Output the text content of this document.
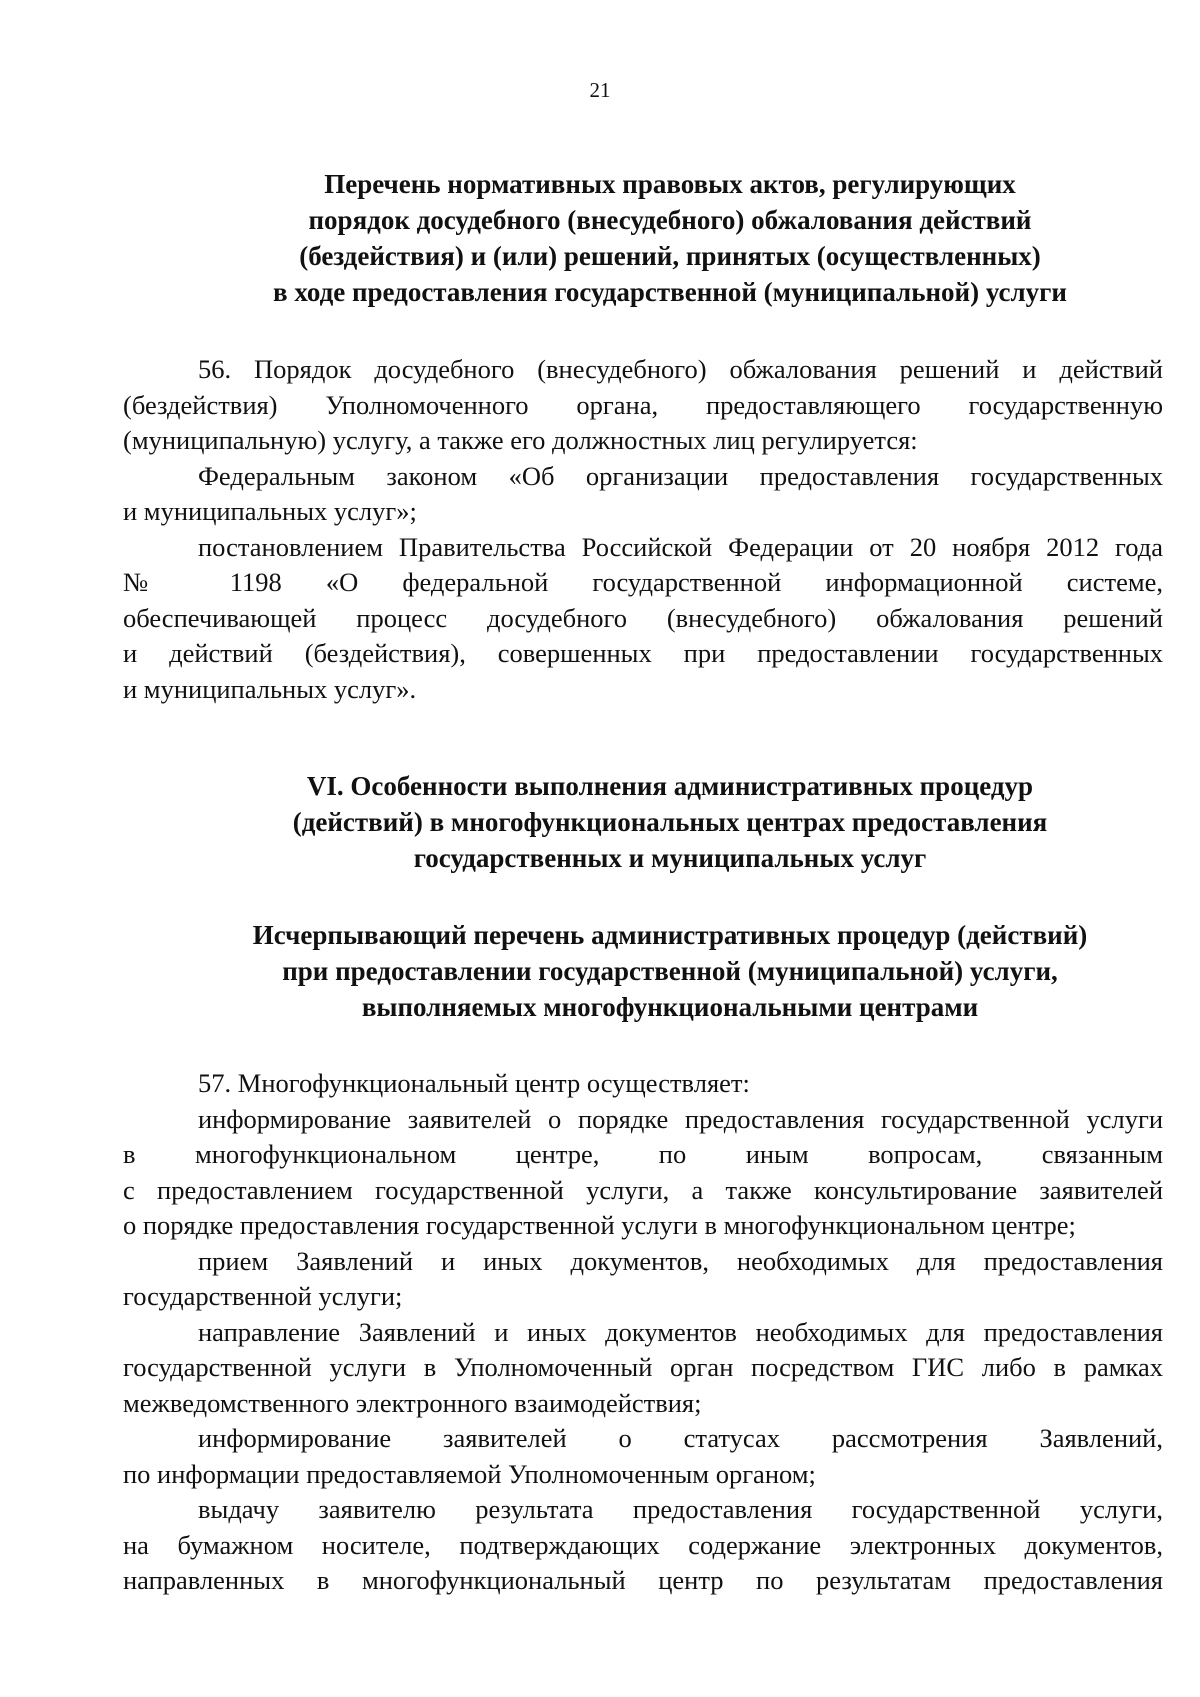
21
Перечень нормативных правовых актов, регулирующих
порядок досудебного (внесудебного) обжалования действий
(бездействия) и (или) решений, принятых (осуществленных)
в ходе предоставления государственной (муниципальной) услуги

56. Порядок досудебного (внесудебного) обжалования решений и действий
(бездействия) Уполномоченного органа, предоставляющего государственную
(муниципальную) услугу, а также его должностных лиц регулируется:

Федеральным законом «Об организации предоставления государственных
и муниципальных услуг»;

постановлением Правительства Российской Федерации от 20 ноября 2012 года
№ 1198 «О федеральной государственной информационной системе,
обеспечивающей процесс досудебного (внесудебного) обжалования решений
и действий (бездействия), совершенных при предоставлении государственных
и муниципальных услуг».

VI. Особенности выполнения административных процедур
(действий) в многофункциональных центрах предоставления
государственных и муниципальных услуг
Исчерпывающий перечень административных процедур (действий)
при предоставлении государственной (муниципальной) услуги,
выполняемых многофункциональными центрами

57. Многофункциональный центр осуществляет:

информирование заявителей о порядке предоставления государственной услуги
в многофункциональном центре, по иным вопросам, связанным
с предоставлением государственной услуги, а также консультирование заявителей
о порядке предоставления государственной услуги в многофункциональном центре;

прием Заявлений и иных документов, необходимых для предоставления
государственной услуги;

направление Заявлений и иных документов необходимых для предоставления
государственной услуги в Уполномоченный орган посредством ГИС либо в рамках
межведомственного электронного взаимодействия;

информирование заявителей о статусах рассмотрения Заявлений,
по информации предоставляемой Уполномоченным органом;

выдачу заявителю результата предоставления государственной услуги,
на бумажном носителе, подтверждающих содержание электронных документов,
направленных в многофункциональный центр по результатам предоставления
